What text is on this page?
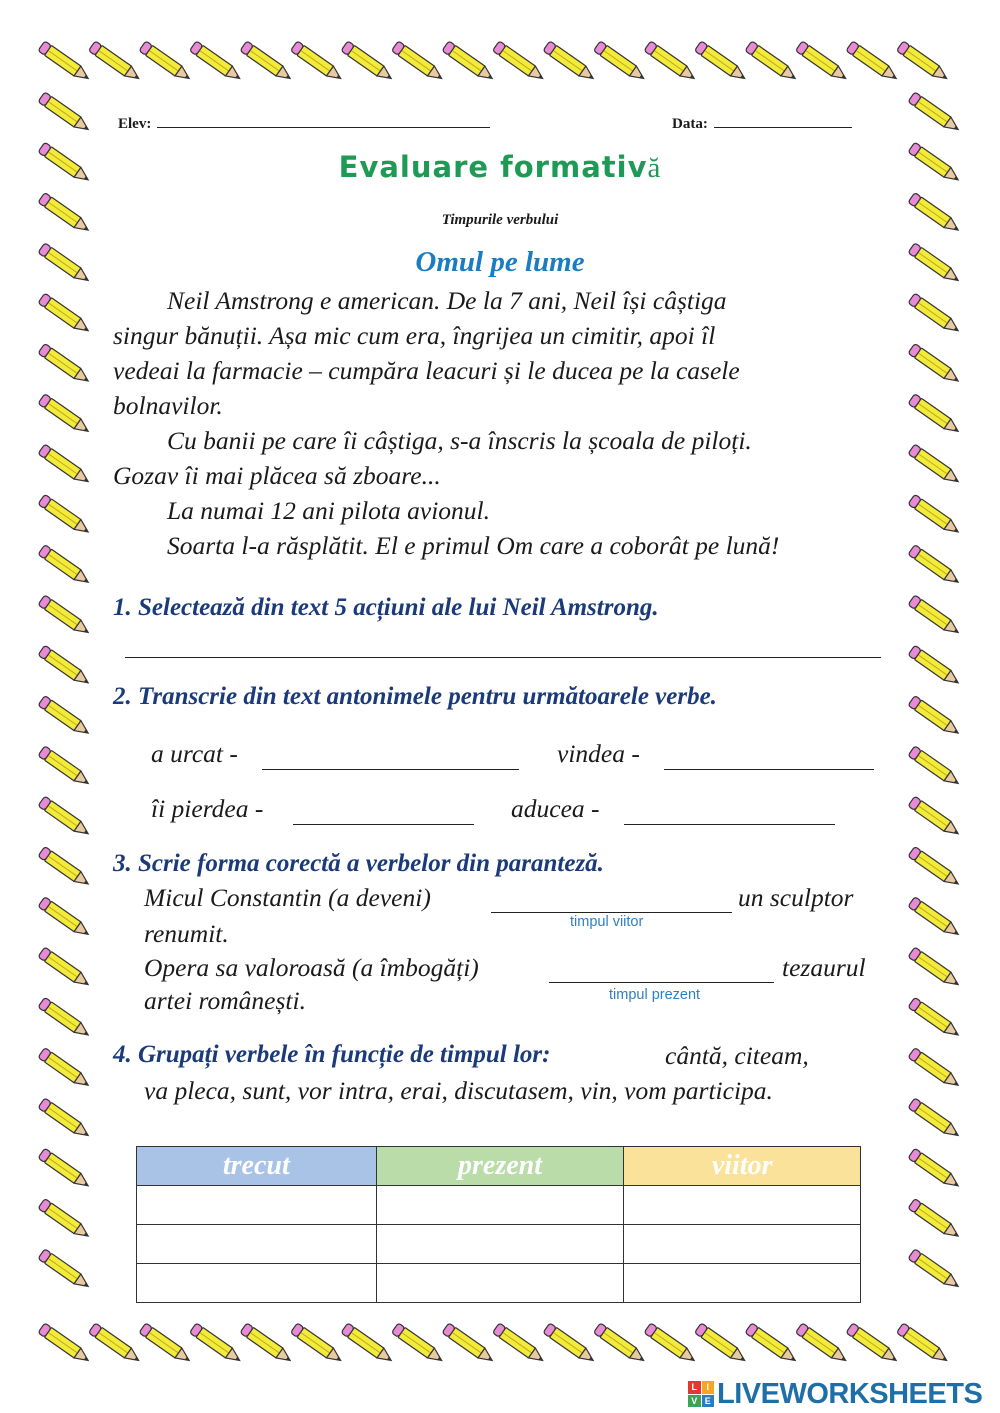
Elev:	Data:
Evaluare formativă
Timpurile verbului
Omul pe lume
Neil Amstrong e american. De la 7 ani, Neil își câștiga
singur bănuții. Așa mic cum era, îngrijea un cimitir, apoi îl
vedeai la farmacie – cumpăra leacuri și le ducea pe la casele
bolnavilor.
Cu banii pe care îi câștiga, s-a înscris la școala de piloți.
Gozav îi mai plăcea să zboare...
La numai 12 ani pilota avionul.
Soarta l-a răsplătit. El e primul Om care a coborât pe lună!
1. Selectează din text 5 acțiuni ale lui Neil Amstrong.
2. Transcrie din text antonimele pentru următoarele verbe.
a urcat -	vindea -
îi pierdea -	aducea -
3. Scrie forma corectă a verbelor din paranteză.
Micul Constantin (a deveni)	un sculptor
timpul viitor
renumit.
Opera sa valoroasă (a îmbogăți)	tezaurul
timpul prezent
artei românești.
4. Grupați verbele în funcție de timpul lor:	cântă, citeam,
va pleca, sunt, vor intra, erai, discutasem, vin, vom participa.
trecut	prezent	viitor

L	I
V E LIVEWORKSHEETS
